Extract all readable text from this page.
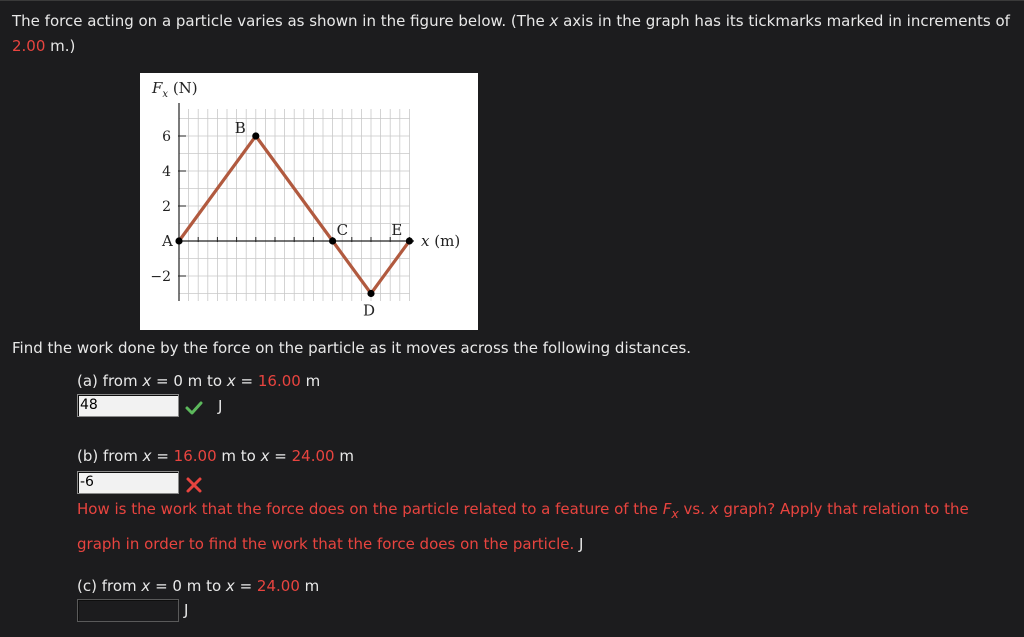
The force acting on a particle varies as shown in the figure below. (The x axis in the graph has its tickmarks marked in increments of 2.00 m.)
6
4
2
−2
$F_x$ (N)
x (m)
A
B
C
D
E
Find the work done by the force on the particle as it moves across the following distances.
(a) from x = 0 m to x = 16.00 m
48	J
(b) from x = 16.00 m to x = 24.00 m
-6
How is the work that the force does on the particle related to a feature of the $F_x$ vs. x graph? Apply that relation to the graph in order to find the work that the force does on the particle. J
(c) from x = 0 m to x = 24.00 m
J
